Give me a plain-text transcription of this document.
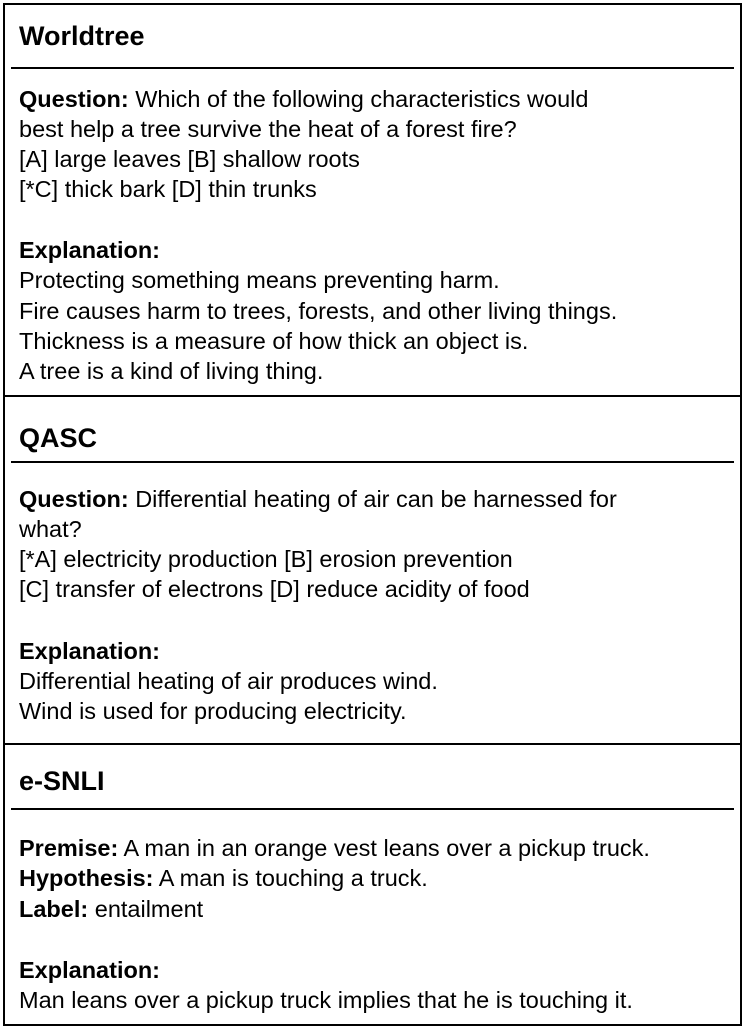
Worldtree
Question: Which of the following characteristics would
best help a tree survive the heat of a forest fire?
[A] large leaves [B] shallow roots
[*C] thick bark [D] thin trunks
Explanation:
Protecting something means preventing harm.
Fire causes harm to trees, forests, and other living things.
Thickness is a measure of how thick an object is.
A tree is a kind of living thing.
QASC
Question: Differential heating of air can be harnessed for
what?
[*A] electricity production [B] erosion prevention
[C] transfer of electrons [D] reduce acidity of food
Explanation:
Differential heating of air produces wind.
Wind is used for producing electricity.
e-SNLI
Premise: A man in an orange vest leans over a pickup truck.
Hypothesis: A man is touching a truck.
Label: entailment
Explanation:
Man leans over a pickup truck implies that he is touching it.
